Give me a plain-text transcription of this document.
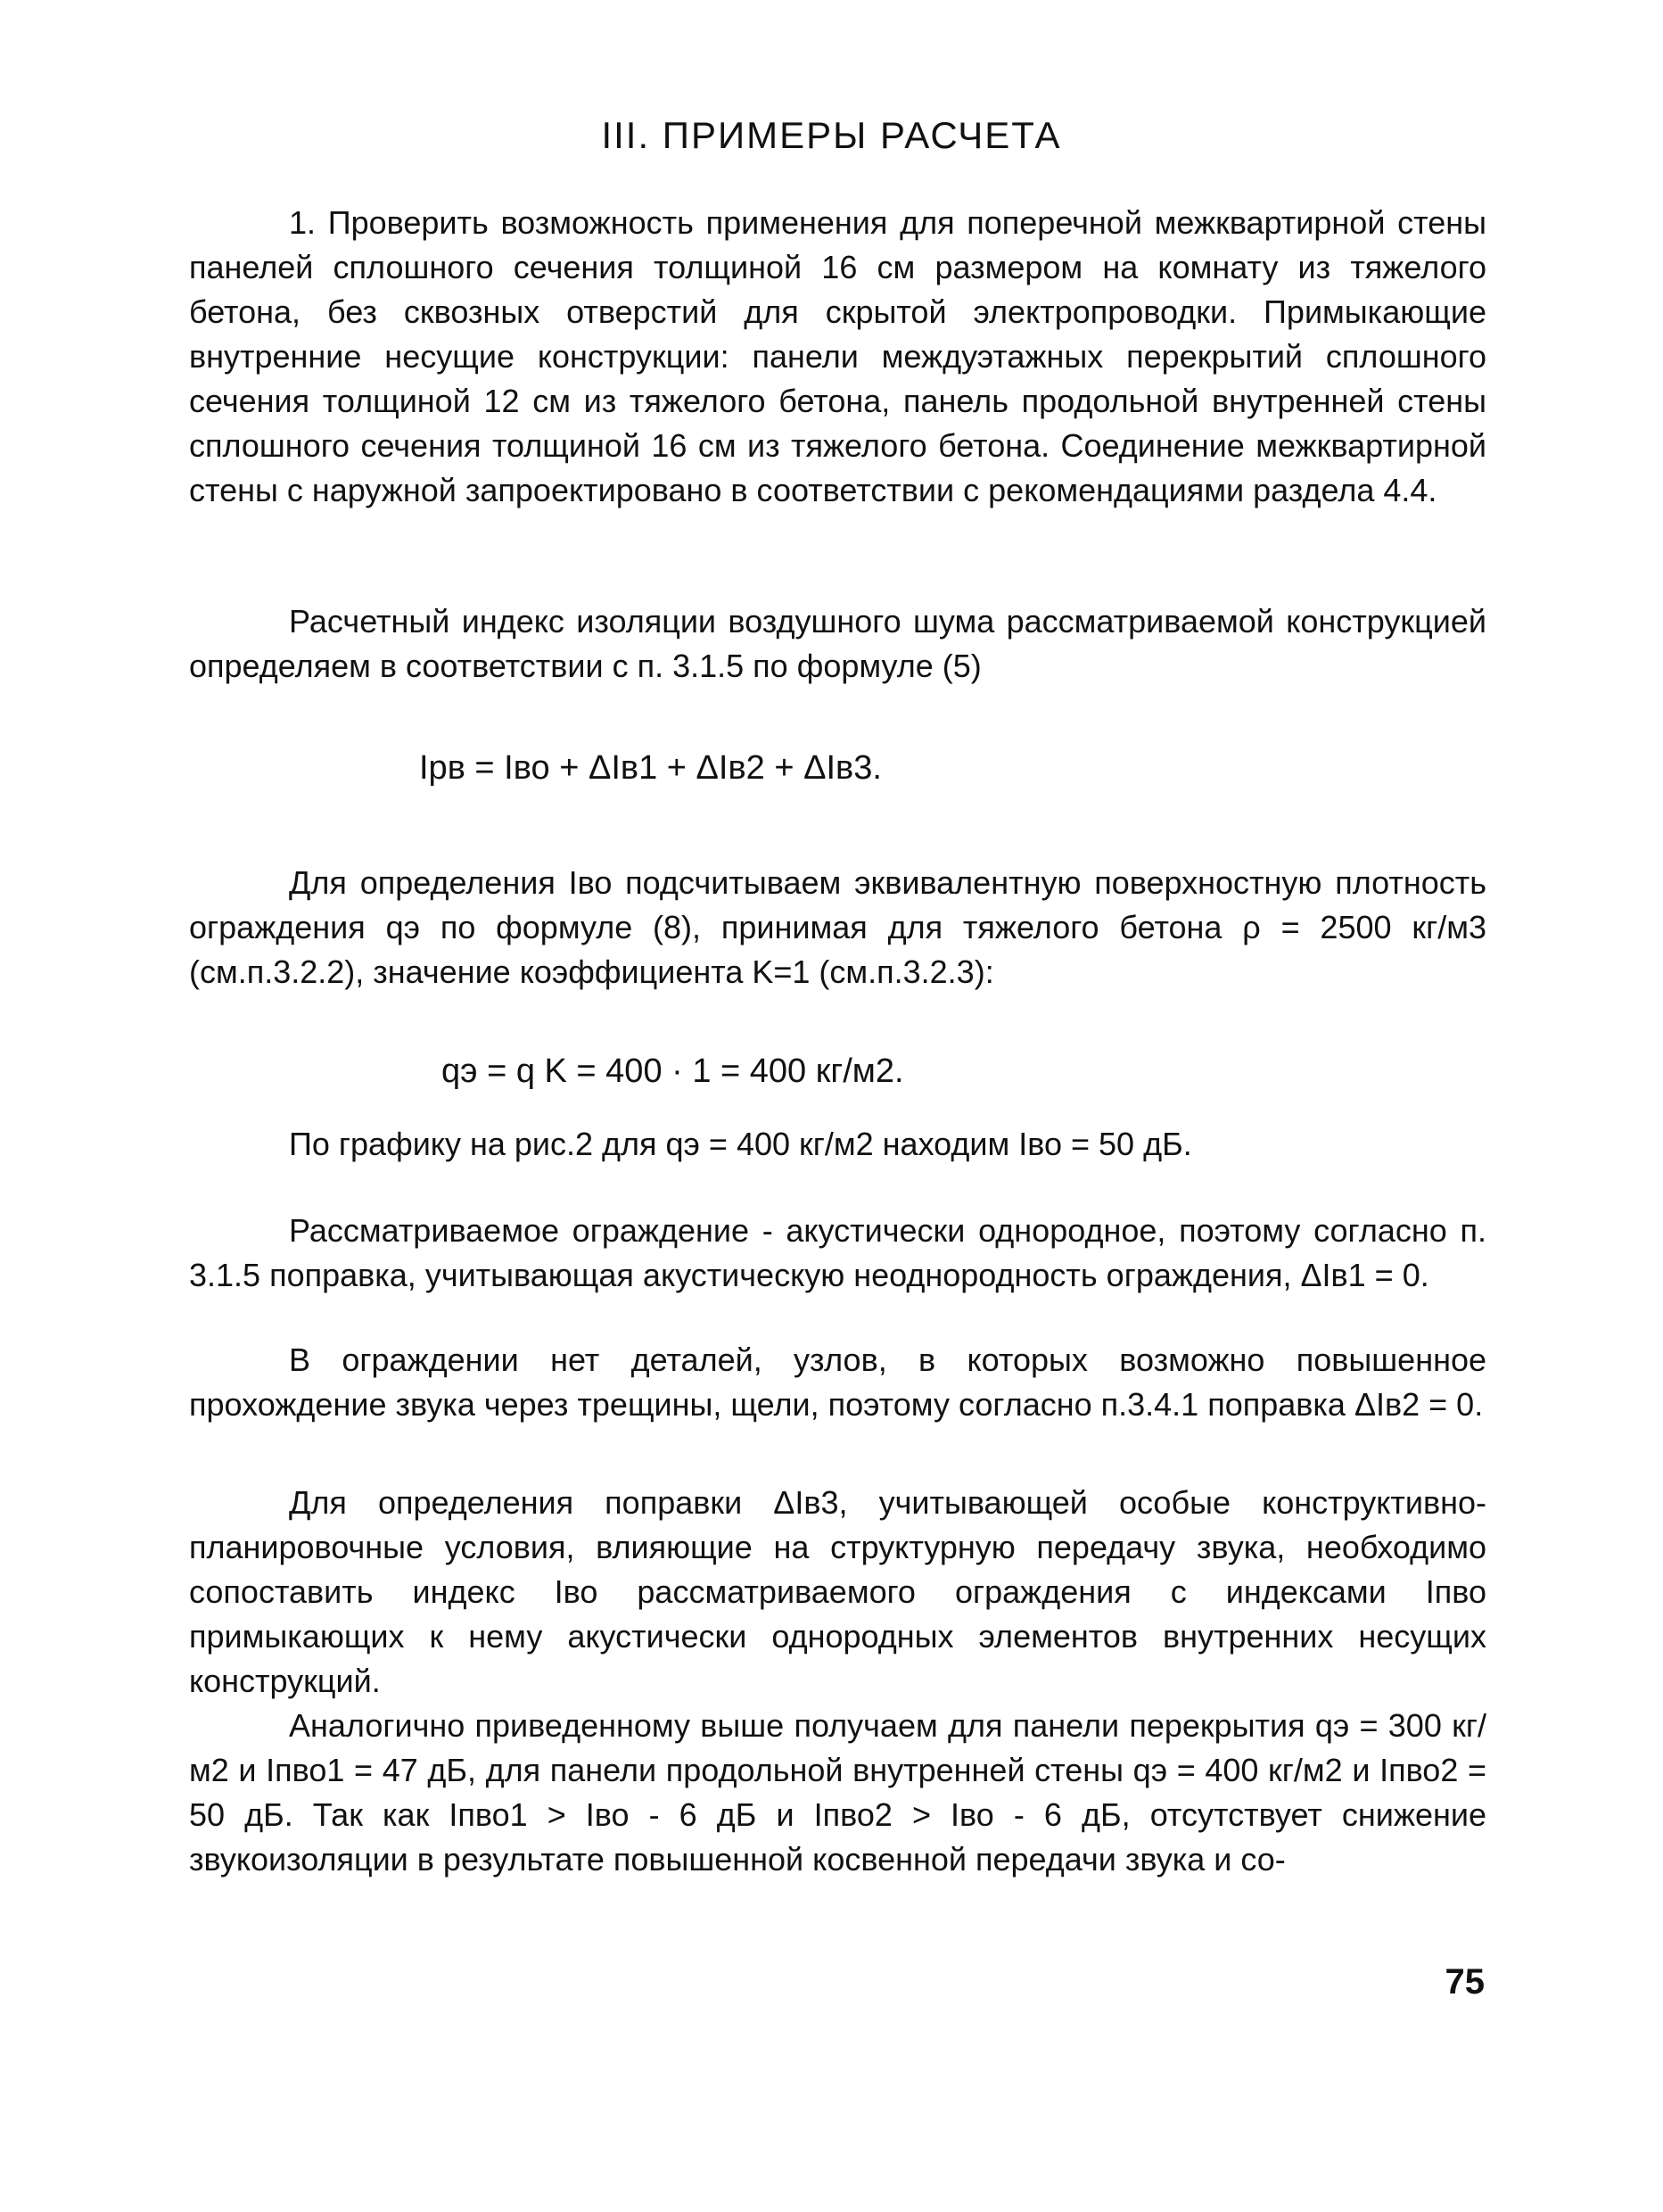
III. ПРИМЕРЫ РАСЧЕТА

1. Проверить возможность применения для поперечной межквартирной стены панелей сплошного сечения толщиной 16 см размером на комнату из тяжелого бетона, без сквозных отверстий для скрытой электропроводки. Примыкающие внутренние несущие конструкции: панели междуэтажных перекрытий сплошного сечения толщиной 12 см из тяжелого бетона, панель продольной внутренней стены сплошного сечения толщиной 16 см из тяжелого бетона. Соединение межквартирной стены с наружной запроектировано в соответствии с рекомендациями раздела 4.4.

Расчетный индекс изоляции воздушного шума рассматриваемой конструкцией определяем в соответствии с п. 3.1.5 по формуле (5)

Iрв = Iво + ΔIв1 + ΔIв2 + ΔIв3.

Для определения Iво подсчитываем эквивалентную поверхностную плотность ограждения qэ по формуле (8), принимая для тяжелого бетона ρ = 2500 кг/м3 (см.п.3.2.2), значение коэффициента K=1 (см.п.3.2.3):

qэ = q K = 400 · 1 = 400 кг/м2.

По графику на рис.2 для qэ = 400 кг/м2 находим Iво = 50 дБ.

Рассматриваемое ограждение - акустически однородное, поэтому согласно п. 3.1.5 поправка, учитывающая акустическую неоднородность ограждения, ΔIв1 = 0.

В ограждении нет деталей, узлов, в которых возможно повышенное прохождение звука через трещины, щели, поэтому согласно п.3.4.1 поправка ΔIв2 = 0.

Для определения поправки ΔIв3, учитывающей особые конструктивно-планировочные условия, влияющие на структурную передачу звука, необходимо сопоставить индекс Iво рассматриваемого ограждения с индексами Iпво примыкающих к нему акустически однородных элементов внутренних несущих конструкций.

Аналогично приведенному выше получаем для панели перекрытия qэ = 300 кг/м2 и Iпво1 = 47 дБ, для панели продольной внутренней стены qэ = 400 кг/м2 и Iпво2 = 50 дБ. Так как Iпво1 > Iво - 6 дБ и Iпво2 > Iво - 6 дБ, отсутствует снижение звукоизоляции в результате повышенной косвенной передачи звука и со-

75
